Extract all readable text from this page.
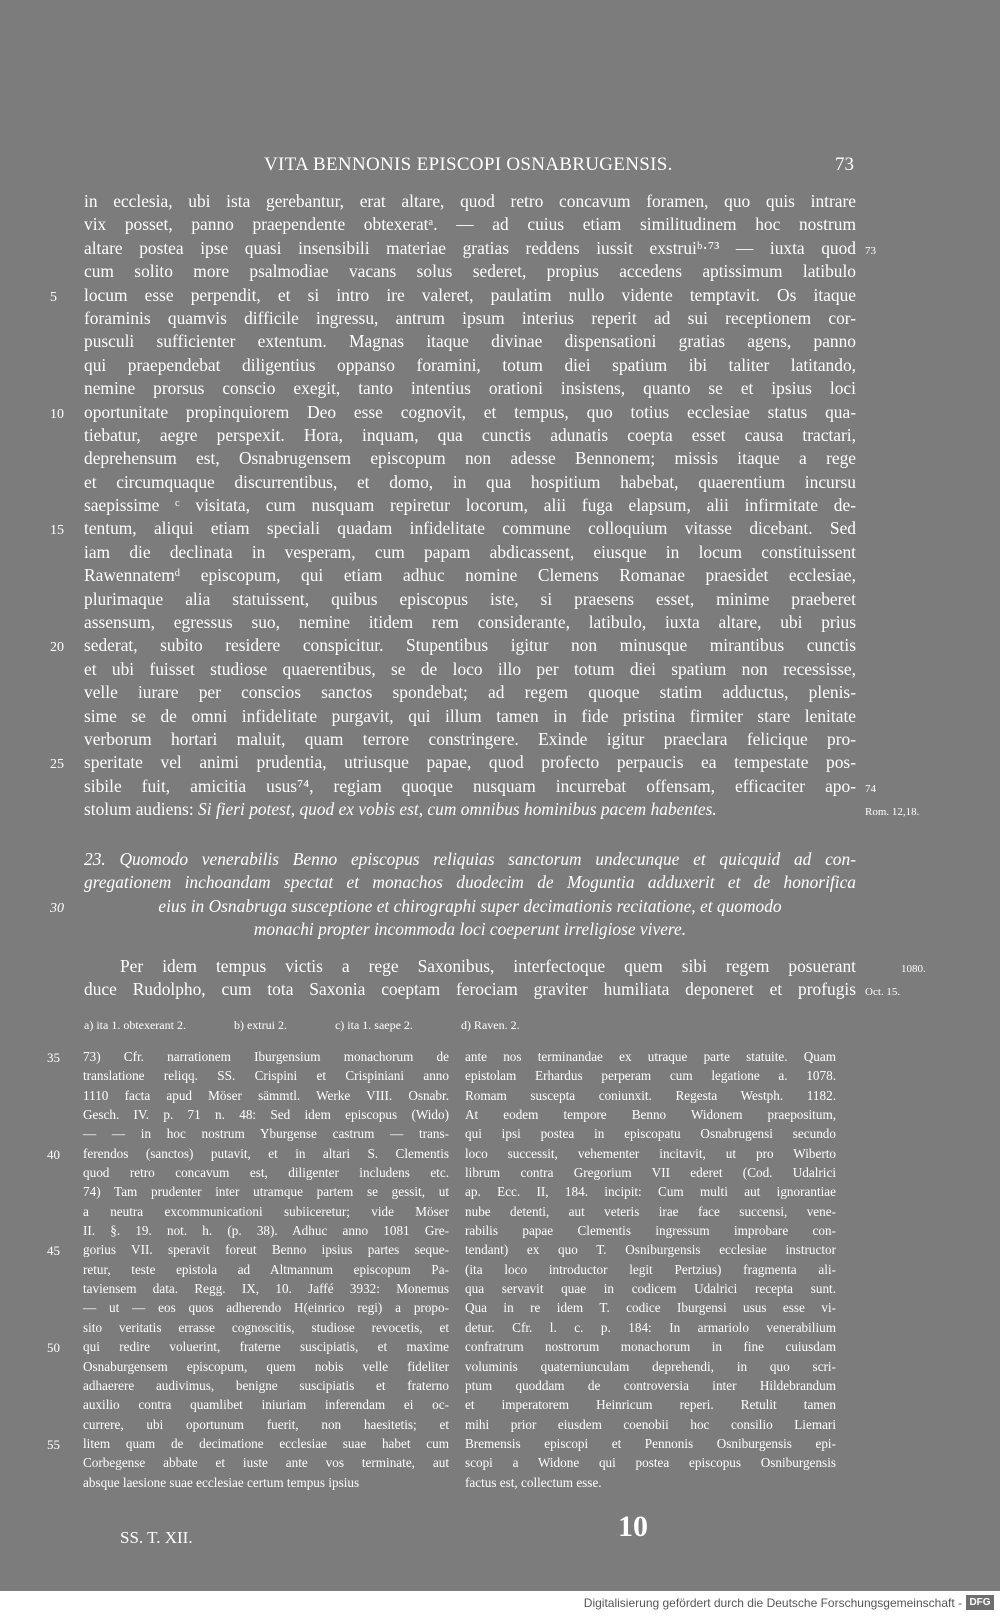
VITA BENNONIS EPISCOPI OSNABRUGENSIS.	73
in ecclesia, ubi ista gerebantur, erat altare, quod retro concavum foramen, quo quis intrare
vix posset, panno praependente obtexeratᵃ. — ad cuius etiam similitudinem hoc nostrum
altare postea ipse quasi insensibili materiae gratias reddens iussit exstruiᵇ·⁷³ — iuxta quod 73
cum solito more psalmodiae vacans solus sederet, propius accedens aptissimum latibulo
locum esse perpendit, et si intro ire valeret, paulatim nullo vidente temptavit. Os itaque
5
foraminis quamvis difficile ingressu, antrum ipsum interius reperit ad sui receptionem cor-
pusculi sufficienter extentum. Magnas itaque divinae dispensationi gratias agens, panno
qui praependebat diligentius oppanso foramini, totum diei spatium ibi taliter latitando,
nemine prorsus conscio exegit, tanto intentius orationi insistens, quanto se et ipsius loci
oportunitate propinquiorem Deo esse cognovit, et tempus, quo totius ecclesiae status qua-
10
tiebatur, aegre perspexit. Hora, inquam, qua cunctis adunatis coepta esset causa tractari,
deprehensum est, Osnabrugensem episcopum non adesse Bennonem; missis itaque a rege
et circumquaque discurrentibus, et domo, in qua hospitium habebat, quaerentium incursu
saepissime ᶜ visitata, cum nusquam repiretur locorum, alii fuga elapsum, alii infirmitate de-
tentum, aliqui etiam speciali quadam infidelitate commune colloquium vitasse dicebant. Sed
15
iam die declinata in vesperam, cum papam abdicassent, eiusque in locum constituissent
Rawennatemᵈ episcopum, qui etiam adhuc nomine Clemens Romanae praesidet ecclesiae,
plurimaque alia statuissent, quibus episcopus iste, si praesens esset, minime praeberet
assensum, egressus suo, nemine itidem rem considerante, latibulo, iuxta altare, ubi prius
sederat, subito residere conspicitur. Stupentibus igitur non minusque mirantibus cunctis
20
et ubi fuisset studiose quaerentibus, se de loco illo per totum diei spatium non recessisse,
velle iurare per conscios sanctos spondebat; ad regem quoque statim adductus, plenis-
sime se de omni infidelitate purgavit, qui illum tamen in fide pristina firmiter stare lenitate
verborum hortari maluit, quam terrore constringere. Exinde igitur praeclara felicique pro-
speritate vel animi prudentia, utriusque papae, quod profecto perpaucis ea tempestate pos-
25
sibile fuit, amicitia usus⁷⁴, regiam quoque nusquam incurrebat offensam, efficaciter apo- 74
stolum audiens: Si fieri potest, quod ex vobis est, cum omnibus hominibus pacem habentes.	Rom. 12,18.
23. Quomodo venerabilis Benno episcopus reliquias sanctorum undecunque et quicquid ad con-
gregationem inchoandam spectat et monachos duodecim de Moguntia adduxerit et de honorifica
eius in Osnabruga susceptione et chirographi super decimationis recitatione, et quomodo
30
monachi propter incommoda loci coeperunt irreligiose vivere.
Per idem tempus victis a rege Saxonibus, interfectoque quem sibi regem posuerant	1080.
duce Rudolpho, cum tota Saxonia coeptam ferociam graviter humiliata deponeret et profugis Oct. 15.
a) ita 1. obtexerant 2.	b) extrui 2.	c) ita 1. saepe 2.	d) Raven. 2.
73) Cfr. narrationem Iburgensium monachorum de
35
translatione reliqq. SS. Crispini et Crispiniani anno
1110 facta apud Möser sämmtl. Werke VIII. Osnabr.
Gesch. IV. p. 71 n. 48: Sed idem episcopus (Wido)
— — in hoc nostrum Yburgense castrum — trans-
ferendos (sanctos) putavit, et in altari S. Clementis
40
quod retro concavum est, diligenter includens etc.
74) Tam prudenter inter utramque partem se gessit, ut
a neutra excommunicationi subiiceretur; vide Möser
II. §. 19. not. h. (p. 38). Adhuc anno 1081 Gre-
gorius VII. speravit foreut Benno ipsius partes seque-
45
retur, teste epistola ad Altmannum episcopum Pa-
taviensem data. Regg. IX, 10. Jaffé 3932: Monemus
— ut — eos quos adherendo H(einrico regi) a propo-
sito veritatis errasse cognoscitis, studiose revocetis, et
qui redire voluerint, fraterne suscipiatis, et maxime
50
Osnaburgensem episcopum, quem nobis velle fideliter
adhaerere audivimus, benigne suscipiatis et fraterno
auxilio contra quamlibet iniuriam inferendam ei oc-
currere, ubi oportunum fuerit, non haesitetis; et
litem quam de decimatione ecclesiae suae habet cum
55
Corbegense abbate et iuste ante vos terminate, aut
absque laesione suae ecclesiae certum tempus ipsius
ante nos terminandae ex utraque parte statuite. Quam
epistolam Erhardus perperam cum legatione a. 1078.
Romam suscepta coniunxit. Regesta Westph. 1182.
At eodem tempore Benno Widonem praepositum,
qui ipsi postea in episcopatu Osnabrugensi secundo
loco successit, vehementer incitavit, ut pro Wiberto
librum contra Gregorium VII ederet (Cod. Udalrici
ap. Ecc. II, 184. incipit: Cum multi aut ignorantiae
nube detenti, aut veteris irae face succensi, vene-
rabilis papae Clementis ingressum improbare con-
tendant) ex quo T. Osniburgensis ecclesiae instructor
(ita loco introductor legit Pertzius) fragmenta ali-
qua servavit quae in codicem Udalrici recepta sunt.
Qua in re idem T. codice Iburgensi usus esse vi-
detur. Cfr. l. c. p. 184: In armariolo venerabilium
confratrum nostrorum monachorum in fine cuiusdam
voluminis quaterniunculam deprehendi, in quo scri-
ptum quoddam de controversia inter Hildebrandum
et imperatorem Heinricum reperi. Retulit tamen
mihi prior eiusdem coenobii hoc consilio Liemari
Bremensis episcopi et Pennonis Osniburgensis epi-
scopi a Widone qui postea episcopus Osniburgensis
factus est, collectum esse.
SS. T. XII.	10
Digitalisierung gefördert durch die Deutsche Forschungsgemeinschaft - DFG
